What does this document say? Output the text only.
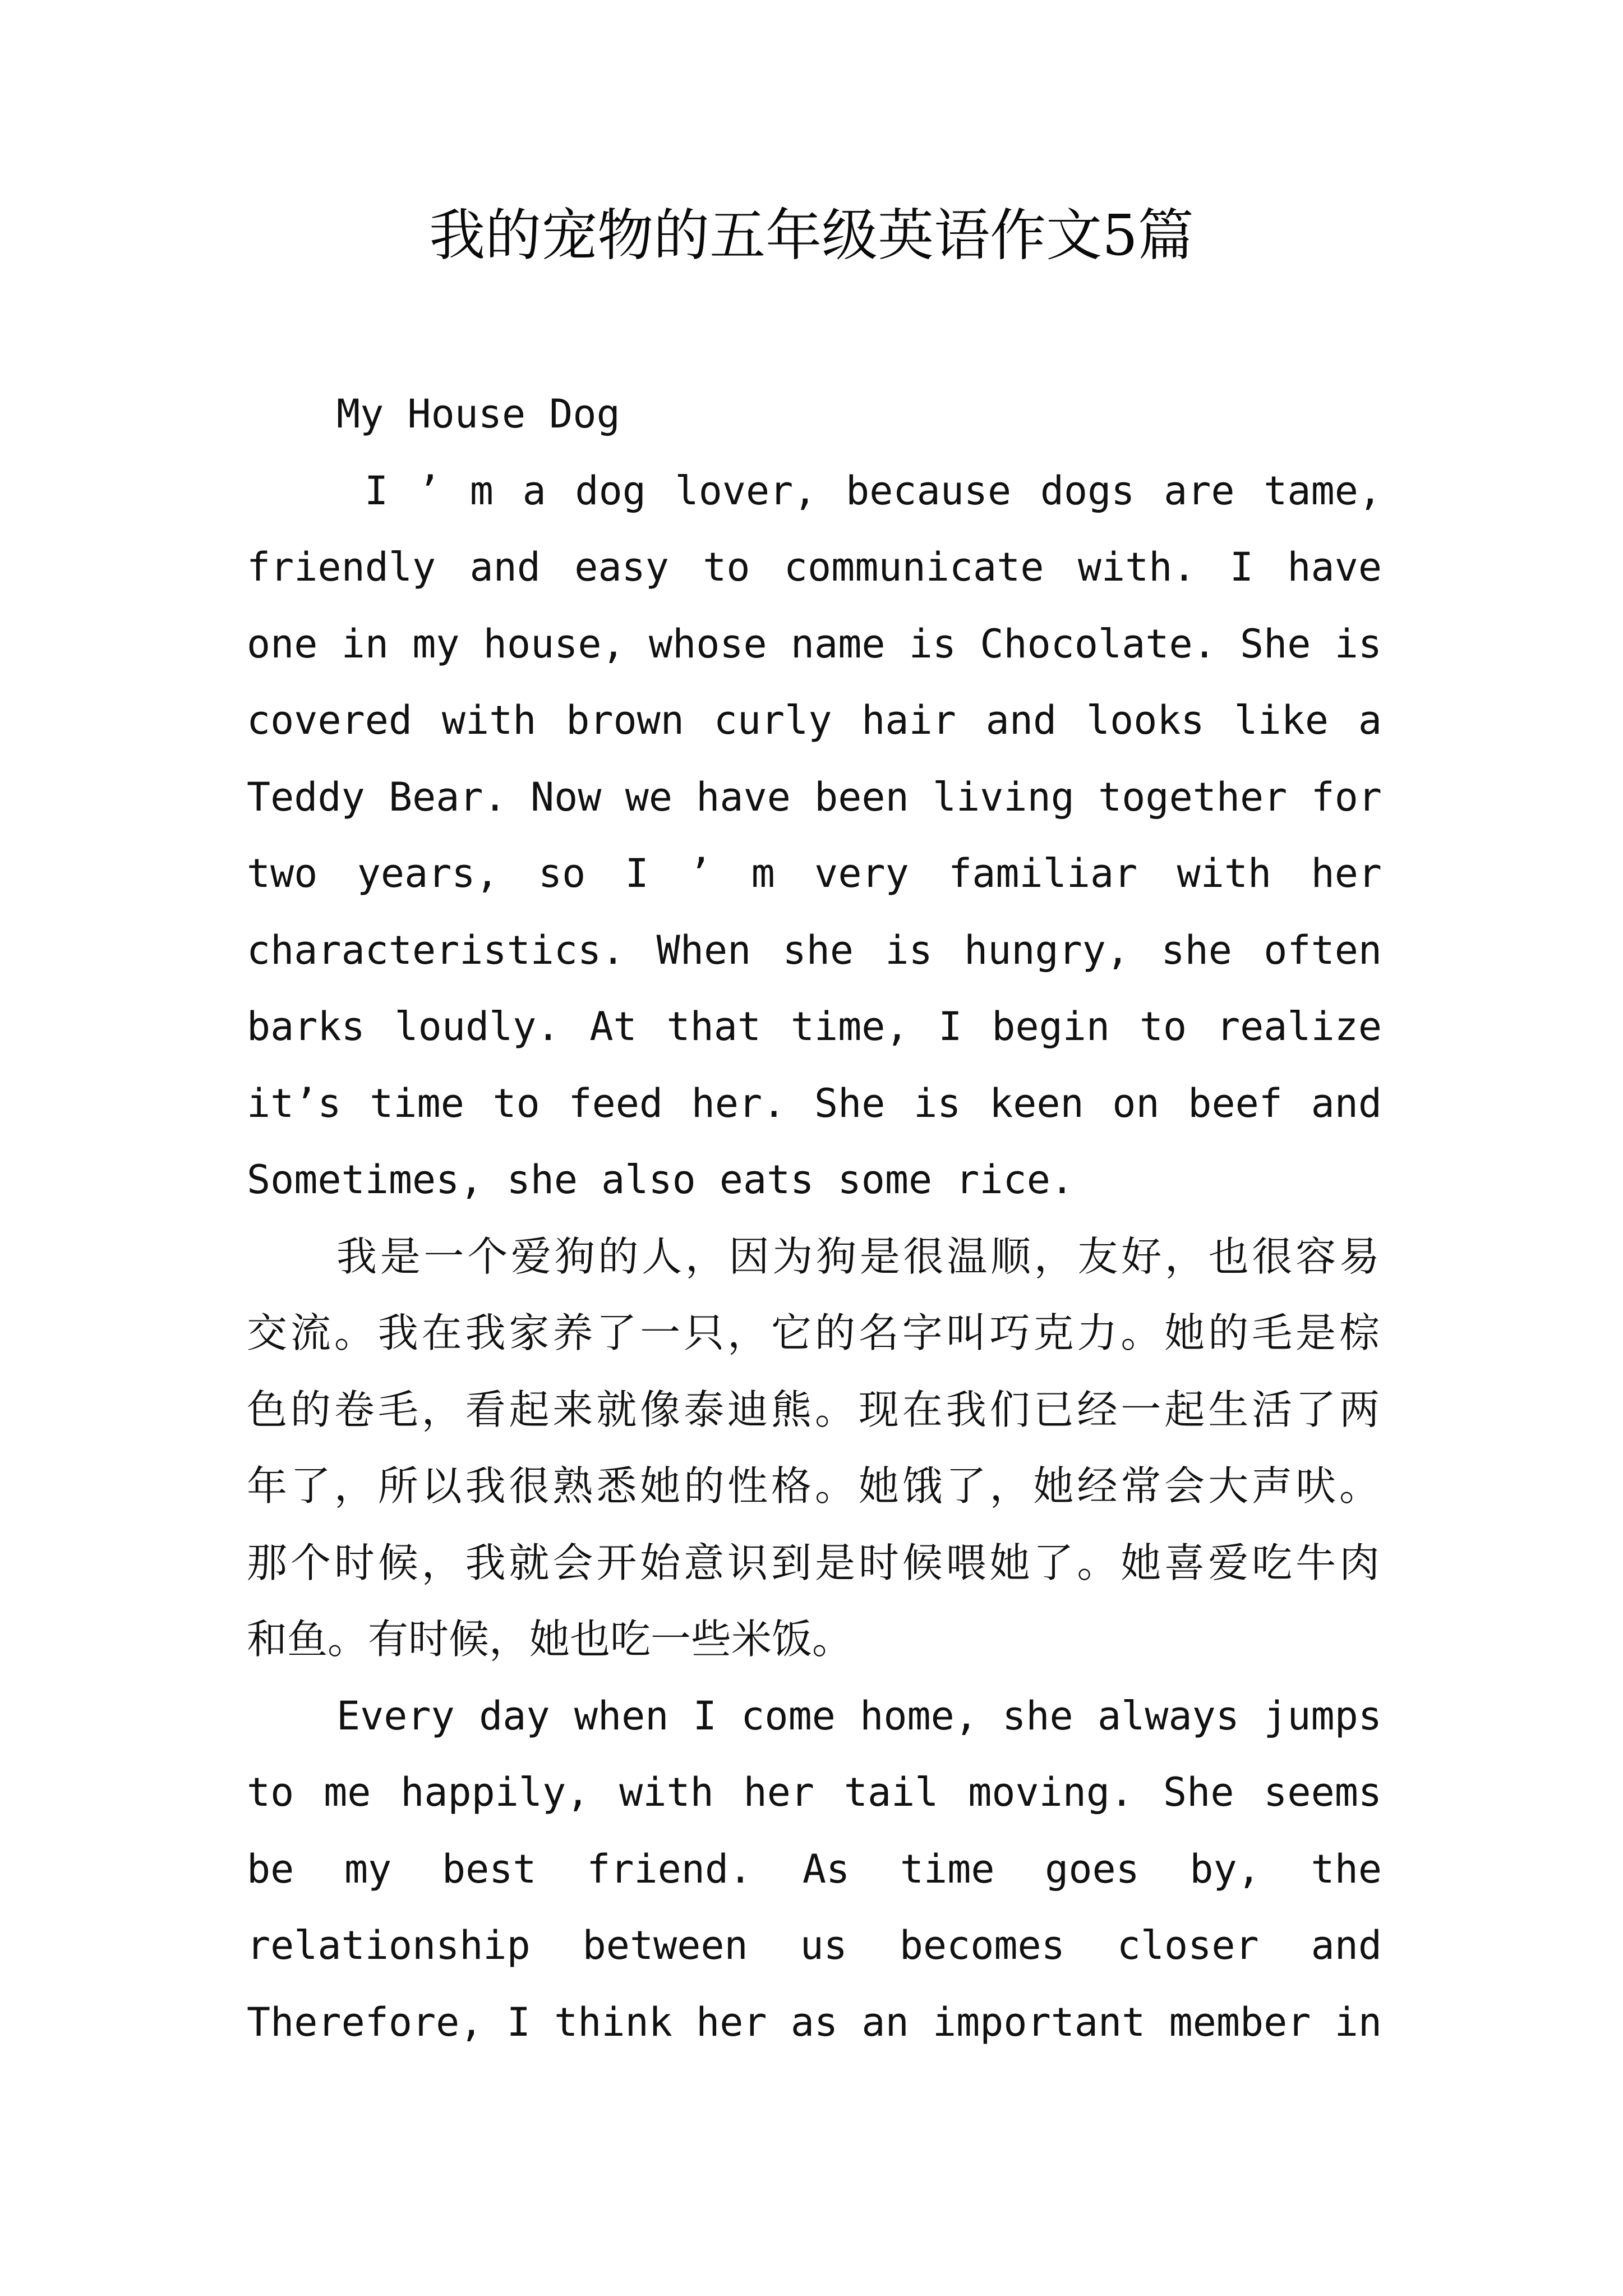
我的宠物的五年级英语作文5篇
My House Dog
I ’ m a dog lover, because dogs are tame,
friendly and easy to communicate with. I have
one in my house, whose name is Chocolate. She is
covered with brown curly hair and looks like a
Teddy Bear. Now we have been living together for
two years, so I ’ m very familiar with her
characteristics. When she is hungry, she often
barks loudly. At that time, I begin to realize
it’s time to feed her. She is keen on beef and
Sometimes, she also eats some rice.
我是一个爱狗的人，因为狗是很温顺，友好，也很容易
交流。我在我家养了一只，它的名字叫巧克力。她的毛是棕
色的卷毛，看起来就像泰迪熊。现在我们已经一起生活了两
年了，所以我很熟悉她的性格。她饿了，她经常会大声吠。
那个时候，我就会开始意识到是时候喂她了。她喜爱吃牛肉
和鱼。有时候，她也吃一些米饭。
Every day when I come home, she always jumps
to me happily, with her tail moving. She seems
be my best friend. As time goes by, the
relationship between us becomes closer and
Therefore, I think her as an important member in
